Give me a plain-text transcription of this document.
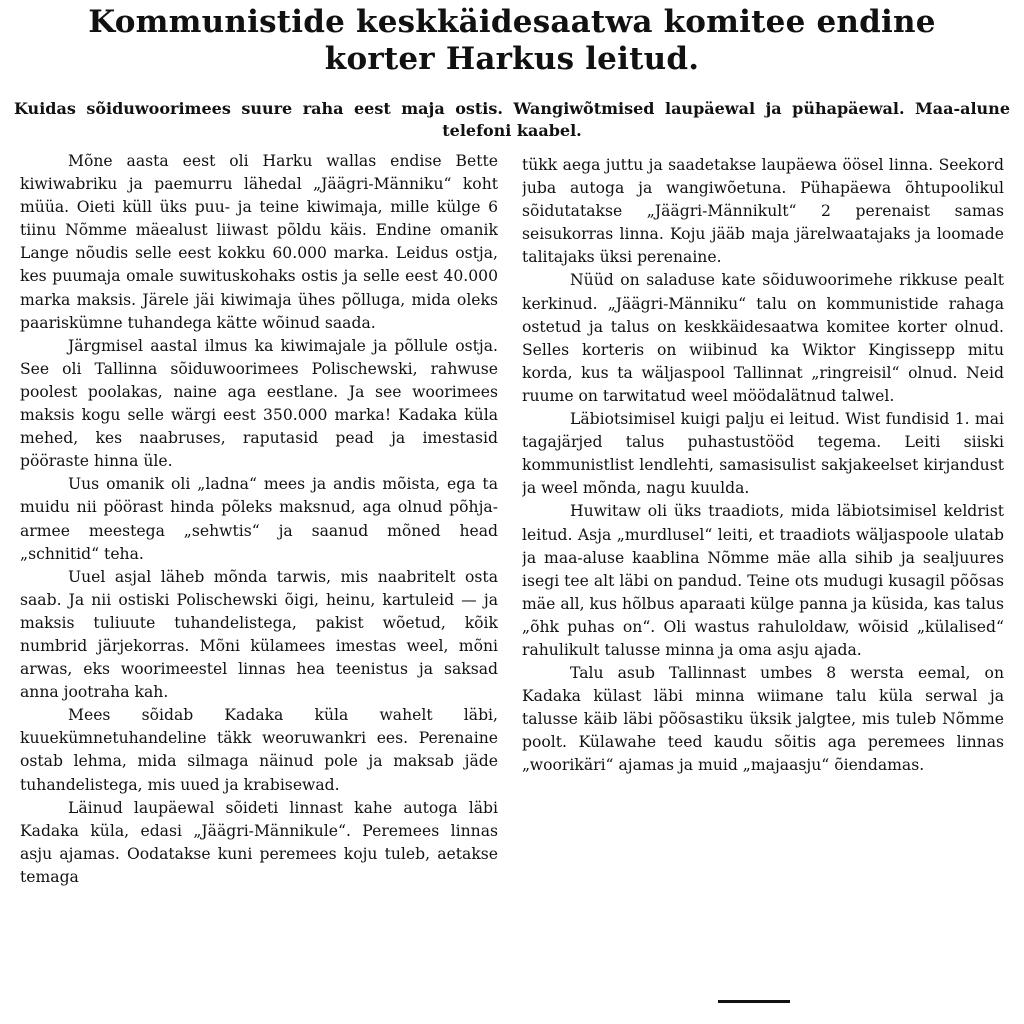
Kommunistide keskkäidesaatwa komitee endine
korter Harkus leitud.
Kuidas sõiduwoorimees suure raha eest maja ostis. Wangiwõtmised laupäewal ja pühapäewal. Maa-alune telefoni kaabel.

Mõne aasta eest oli Harku wallas endise Bette kiwiwabriku ja paemurru lähedal „Jäägri-Männiku“ koht müüa. Oieti küll üks puu- ja teine kiwimaja, mille külge 6 tiinu Nõmme mäealust liiwast põldu käis. Endine omanik Lange nõudis selle eest kokku 60.000 marka. Leidus ostja, kes puumaja omale suwituskohaks ostis ja selle eest 40.000 marka maksis. Järele jäi kiwimaja ühes põlluga, mida oleks paariskümne tuhandega kätte wõinud saada.

Järgmisel aastal ilmus ka kiwimajale ja põllule ostja. See oli Tallinna sõiduwoorimees Polischewski, rahwuse poolest poolakas, naine aga eestlane. Ja see woorimees maksis kogu selle wärgi eest 350.000 marka! Kadaka küla mehed, kes naabruses, raputasid pead ja imestasid pööraste hinna üle.

Uus omanik oli „ladna“ mees ja andis mõista, ega ta muidu nii pöörast hinda põleks maksnud, aga olnud põhja-armee meestega „sehwtis“ ja saanud mõned head „schnitid“ teha.

Uuel asjal läheb mõnda tarwis, mis naabritelt osta saab. Ja nii ostiski Polischewski õigi, heinu, kartuleid — ja maksis tuliuute tuhandelistega, pakist wõetud, kõik numbrid järjekorras. Mõni külamees imestas weel, mõni arwas, eks woorimeestel linnas hea teenistus ja saksad anna jootraha kah.

Mees sõidab Kadaka küla wahelt läbi, kuuekümnetuhandeline täkk weoruwankri ees. Perenaine ostab lehma, mida silmaga näinud pole ja maksab jäde tuhandelistega, mis uued ja krabisewad.

Läinud laupäewal sõideti linnast kahe autoga läbi Kadaka küla, edasi „Jäägri-Männikule“. Peremees linnas asju ajamas. Oodatakse kuni peremees koju tuleb, aetakse temaga

tükk aega juttu ja saadetakse laupäewa öösel linna. Seekord juba autoga ja wangiwõetuna. Pühapäewa õhtupoolikul sõidutatakse „Jäägri-Männikult“ 2 perenaist samas seisukorras linna. Koju jääb maja järelwaatajaks ja loomade talitajaks üksi perenaine.

Nüüd on saladuse kate sõiduwoorimehe rikkuse pealt kerkinud. „Jäägri-Männiku“ talu on kommunistide rahaga ostetud ja talus on keskkäidesaatwa komitee korter olnud. Selles korteris on wiibinud ka Wiktor Kingissepp mitu korda, kus ta wäljaspool Tallinnat „ringreisil“ olnud. Neid ruume on tarwitatud weel möödalätnud talwel.

Läbiotsimisel kuigi palju ei leitud. Wist fundisid 1. mai tagajärjed talus puhastustööd tegema. Leiti siiski kommunistlist lendlehti, samasisulist sakjakeelset kirjandust ja weel mõnda, nagu kuulda.

Huwitaw oli üks traadiots, mida läbiotsimisel keldrist leitud. Asja „murdlusel“ leiti, et traadiots wäljaspoole ulatab ja maa-aluse kaablina Nõmme mäe alla sihib ja sealjuures isegi tee alt läbi on pandud. Teine ots mudugi kusagil põõsas mäe all, kus hõlbus aparaati külge panna ja küsida, kas talus „õhk puhas on“. Oli wastus rahuloldaw, wõisid „külalised“ rahulikult talusse minna ja oma asju ajada.

Talu asub Tallinnast umbes 8 wersta eemal, on Kadaka külast läbi minna wiimane talu küla serwal ja talusse käib läbi põõsastiku üksik jalgtee, mis tuleb Nõmme poolt. Külawahe teed kaudu sõitis aga peremees linnas „woorikäri“ ajamas ja muid „majaasju“ õiendamas.
